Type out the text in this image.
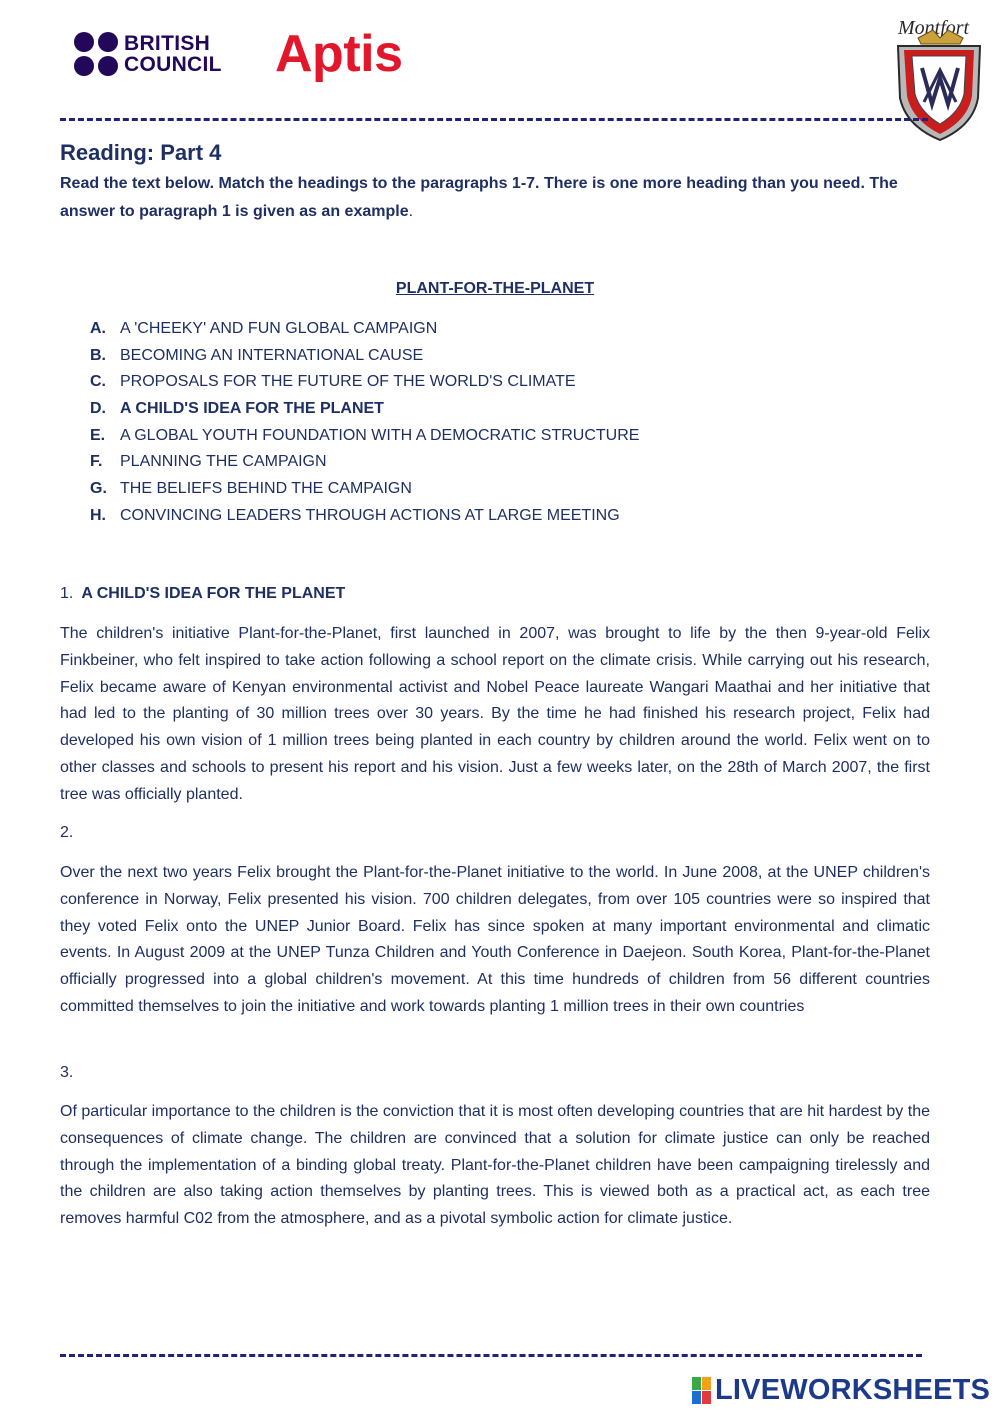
BRITISH
COUNCIL Aptis	Montfort
Reading: Part 4
Read the text below. Match the headings to the paragraphs 1-7. There is one more heading than you need. The answer to paragraph 1 is given as an example.
PLANT-FOR-THE-PLANET
A. A 'CHEEKY' AND FUN GLOBAL CAMPAIGN
B. BECOMING AN INTERNATIONAL CAUSE
C. PROPOSALS FOR THE FUTURE OF THE WORLD'S CLIMATE
D. A CHILD'S IDEA FOR THE PLANET
E. A GLOBAL YOUTH FOUNDATION WITH A DEMOCRATIC STRUCTURE
F. PLANNING THE CAMPAIGN
G. THE BELIEFS BEHIND THE CAMPAIGN
H. CONVINCING LEADERS THROUGH ACTIONS AT LARGE MEETING
1. A CHILD'S IDEA FOR THE PLANET

The children's initiative Plant-for-the-Planet, first launched in 2007, was brought to life by the then 9-year-old Felix Finkbeiner, who felt inspired to take action following a school report on the climate crisis. While carrying out his research, Felix became aware of Kenyan environmental activist and Nobel Peace laureate Wangari Maathai and her initiative that had led to the planting of 30 million trees over 30 years. By the time he had finished his research project, Felix had developed his own vision of 1 million trees being planted in each country by children around the world. Felix went on to other classes and schools to present his report and his vision. Just a few weeks later, on the 28th of March 2007, the first tree was officially planted.

2.

Over the next two years Felix brought the Plant-for-the-Planet initiative to the world. In June 2008, at the UNEP children's conference in Norway, Felix presented his vision. 700 children delegates, from over 105 countries were so inspired that they voted Felix onto the UNEP Junior Board. Felix has since spoken at many important environmental and climatic events. In August 2009 at the UNEP Tunza Children and Youth Conference in Daejeon. South Korea, Plant-for-the-Planet officially progressed into a global children's movement. At this time hundreds of children from 56 different countries committed themselves to join the initiative and work towards planting 1 million trees in their own countries

3.

Of particular importance to the children is the conviction that it is most often developing countries that are hit hardest by the consequences of climate change. The children are convinced that a solution for climate justice can only be reached through the implementation of a binding global treaty. Plant-for-the-Planet children have been campaigning tirelessly and the children are also taking action themselves by planting trees. This is viewed both as a practical act, as each tree removes harmful C02 from the atmosphere, and as a pivotal symbolic action for climate justice.

LIVEWORKSHEETS
